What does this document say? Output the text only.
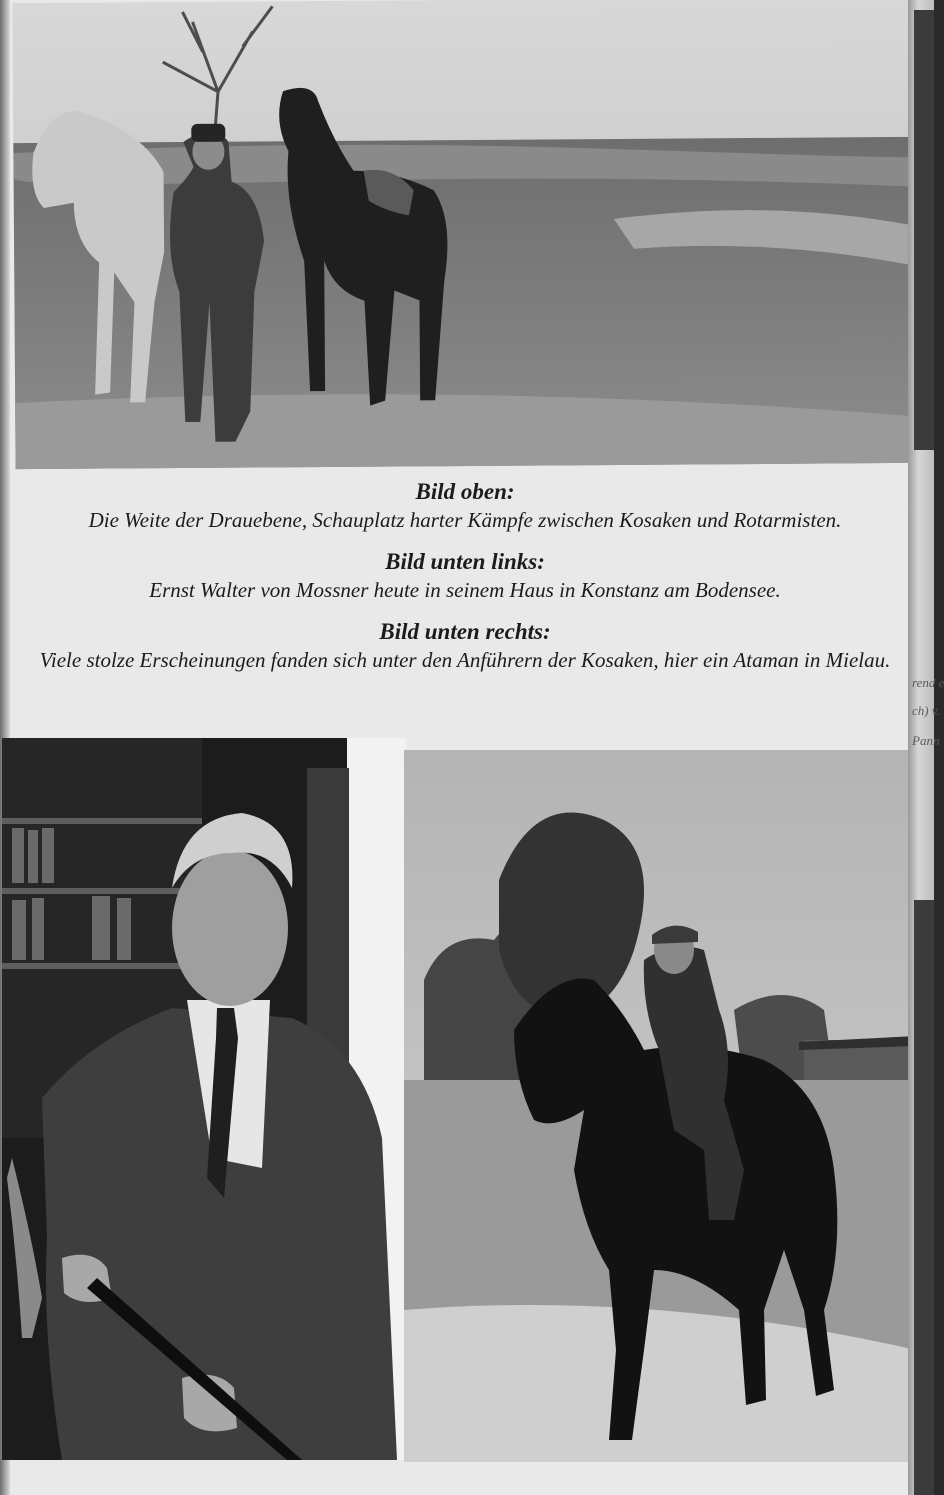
Bild oben:
Die Weite der Drauebene, Schauplatz harter Kämpfe zwischen Kosaken und Rotarmisten.
Bild unten links:
Ernst Walter von Mossner heute in seinem Haus in Konstanz am Bodensee.
Bild unten rechts:
Viele stolze Erscheinungen fanden sich unter den Anführern der Kosaken, hier ein Ataman in Mielau.
rend e
ch) v.
Pann
